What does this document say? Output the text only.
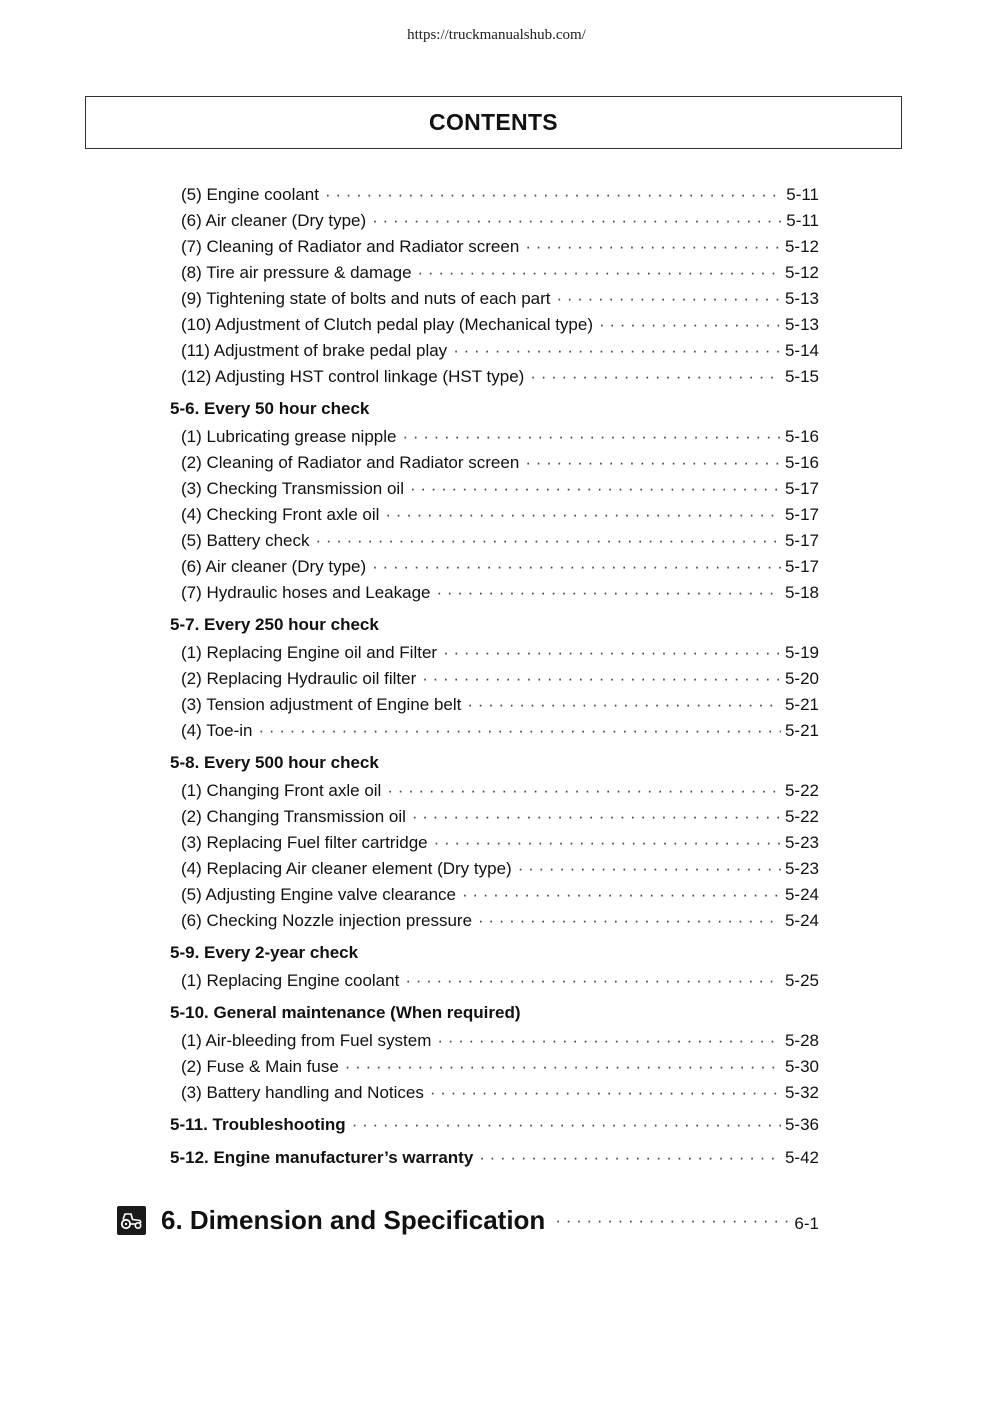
https://truckmanualshub.com/
CONTENTS
(5) Engine coolant · · ·	5-11
(6) Air cleaner (Dry type) · · ·	5-11
(7) Cleaning of Radiator and Radiator screen · · ·	5-12
(8) Tire air pressure & damage · · ·	5-12
(9) Tightening state of bolts and nuts of each part · · ·	5-13
(10) Adjustment of Clutch pedal play (Mechanical type) · · ·	5-13
(11) Adjustment of brake pedal play · · ·	5-14
(12) Adjusting HST control linkage (HST type) · · ·	5-15
5-6. Every 50 hour check
(1) Lubricating grease nipple · · ·	5-16
(2) Cleaning of Radiator and Radiator screen · · ·	5-16
(3) Checking Transmission oil · · ·	5-17
(4) Checking Front axle oil · · ·	5-17
(5) Battery check · · ·	5-17
(6) Air cleaner (Dry type) · · ·	5-17
(7) Hydraulic hoses and Leakage · · ·	5-18
5-7. Every 250 hour check
(1) Replacing Engine oil and Filter · · ·	5-19
(2) Replacing Hydraulic oil filter · · ·	5-20
(3) Tension adjustment of Engine belt · · ·	5-21
(4) Toe-in · · ·	5-21
5-8. Every 500 hour check
(1) Changing Front axle oil · · ·	5-22
(2) Changing Transmission oil · · ·	5-22
(3) Replacing Fuel filter cartridge · · ·	5-23
(4) Replacing Air cleaner element (Dry type) · · ·	5-23
(5) Adjusting Engine valve clearance · · ·	5-24
(6) Checking Nozzle injection pressure · · ·	5-24
5-9. Every 2-year check
(1) Replacing Engine coolant · · ·	5-25
5-10. General maintenance (When required)
(1) Air-bleeding from Fuel system · · ·	5-28
(2) Fuse & Main fuse · · ·	5-30
(3) Battery handling and Notices · · ·	5-32
5-11. Troubleshooting · · ·	5-36
5-12. Engine manufacturer’s warranty · · ·	5-42
6. Dimension and Specification · · ·	6-1
